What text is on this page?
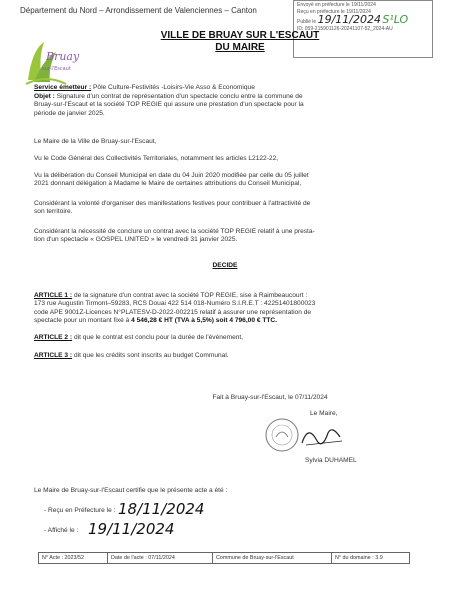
Département du Nord – Arrondissement de Valenciennes – Canton
Envoyé en préfecture le 19/11/2024
Reçu en préfecture le 19/11/2024
Publié le 19/11/2024 S¹LO
ID: 059-215901126-20241107-52_2024-AU
Bruay
sur-l'Escaut
VILLE DE BRUAY SUR L'ESCAUT
DU MAIRE
Service émetteur : Pôle Culture-Festivités -Loisirs-Vie Asso & Economique
Objet : Signature d'un contrat de représentation d'un spectacle conclu entre la commune de
Bruay-sur-l'Escaut et la société TOP REGIE qui assure une prestation d'un spectacle pour la
période de janvier 2025.
Le Maire de la Ville de Bruay-sur-l'Escaut,
Vu le Code Général des Collectivités Territoriales, notamment les articles L2122-22,
Vu la délibération du Conseil Municipal en date du 04 Juin 2020 modifiée par celle du 05 juillet
2021 donnant délégation à Madame le Maire de certaines attributions du Conseil Municipal,
Considérant la volonté d'organiser des manifestations festives pour contribuer à l'attractivité de
son territoire.
Considérant la nécessité de conclure un contrat avec la société TOP REGIE relatif à une presta-
tion d'un spectacle « GOSPEL UNITED » le vendredi 31 janvier 2025.
DECIDE
ARTICLE 1 : de la signature d'un contrat avec la société TOP REGIE, sise à Raimbeaucourt :
173 rue Augustin Tirmont–59283, RCS Douai 422 514 018-Numéro S.I.R.E.T : 42251401800023
code APE 9001Z-Licences N°PLATESV-D-2022-002215 relatif à assurer une représentation de
spectacle pour un montant fixé à 4 546,28 € HT (TVA à 5,5%) soit 4 796,00 € TTC.
ARTICLE 2 : dit que le contrat est conclu pour la durée de l'événement,
ARTICLE 3 : dit que les crédits sont inscrits au budget Communal.
Fait à Bruay-sur-l'Escaut, le 07/11/2024
Le Maire,
Sylvia DUHAMEL
Le Maire de Bruay-sur-l'Escaut certifie que le présente acte a été :
- Reçu en Préfecture le : 18/11/2024
- Affiché le : 19/11/2024
N° Acte : 2023/52	Date de l'acte : 07/11/2024	Commune de Bruay-sur-l'Escaut	N° du domaine : 3.9
